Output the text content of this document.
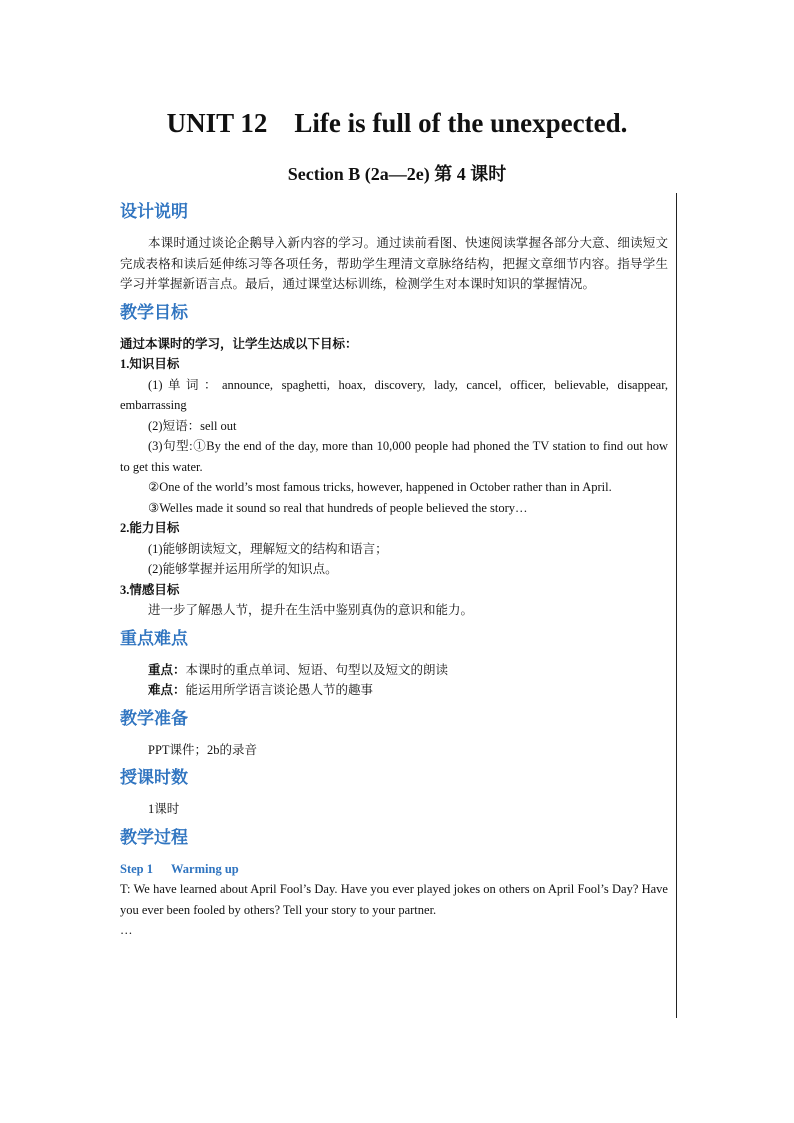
UNIT 12    Life is full of the unexpected.
Section B (2a—2e) 第 4 课时
设计说明

本课时通过谈论企鹅导入新内容的学习。通过读前看图、快速阅读掌握各部分大意、细读短文完成表格和读后延伸练习等各项任务，帮助学生理清文章脉络结构，把握文章细节内容。指导学生学习并掌握新语言点。最后，通过课堂达标训练，检测学生对本课时知识的掌握情况。

教学目标

通过本课时的学习，让学生达成以下目标：

1.知识目标

(1)单词：announce, spaghetti, hoax, discovery, lady, cancel, officer, believable, disappear, embarrassing

(2)短语：sell out

(3)句型:①By the end of the day, more than 10,000 people had phoned the TV station to find out how to get this water.

②One of the world’s most famous tricks, however, happened in October rather than in April.

③Welles made it sound so real that hundreds of people believed the story…

2.能力目标

(1)能够朗读短文，理解短文的结构和语言；

(2)能够掌握并运用所学的知识点。

3.情感目标

进一步了解愚人节，提升在生活中鉴别真伪的意识和能力。

重点难点

重点：本课时的重点单词、短语、句型以及短文的朗读

难点：能运用所学语言谈论愚人节的趣事

教学准备

PPT课件；2b的录音

授课时数

1课时

教学过程

Step 1 Warming up

T: We have learned about April Fool’s Day. Have you ever played jokes on others on April Fool’s Day? Have you ever been fooled by others? Tell your story to your partner.

…
